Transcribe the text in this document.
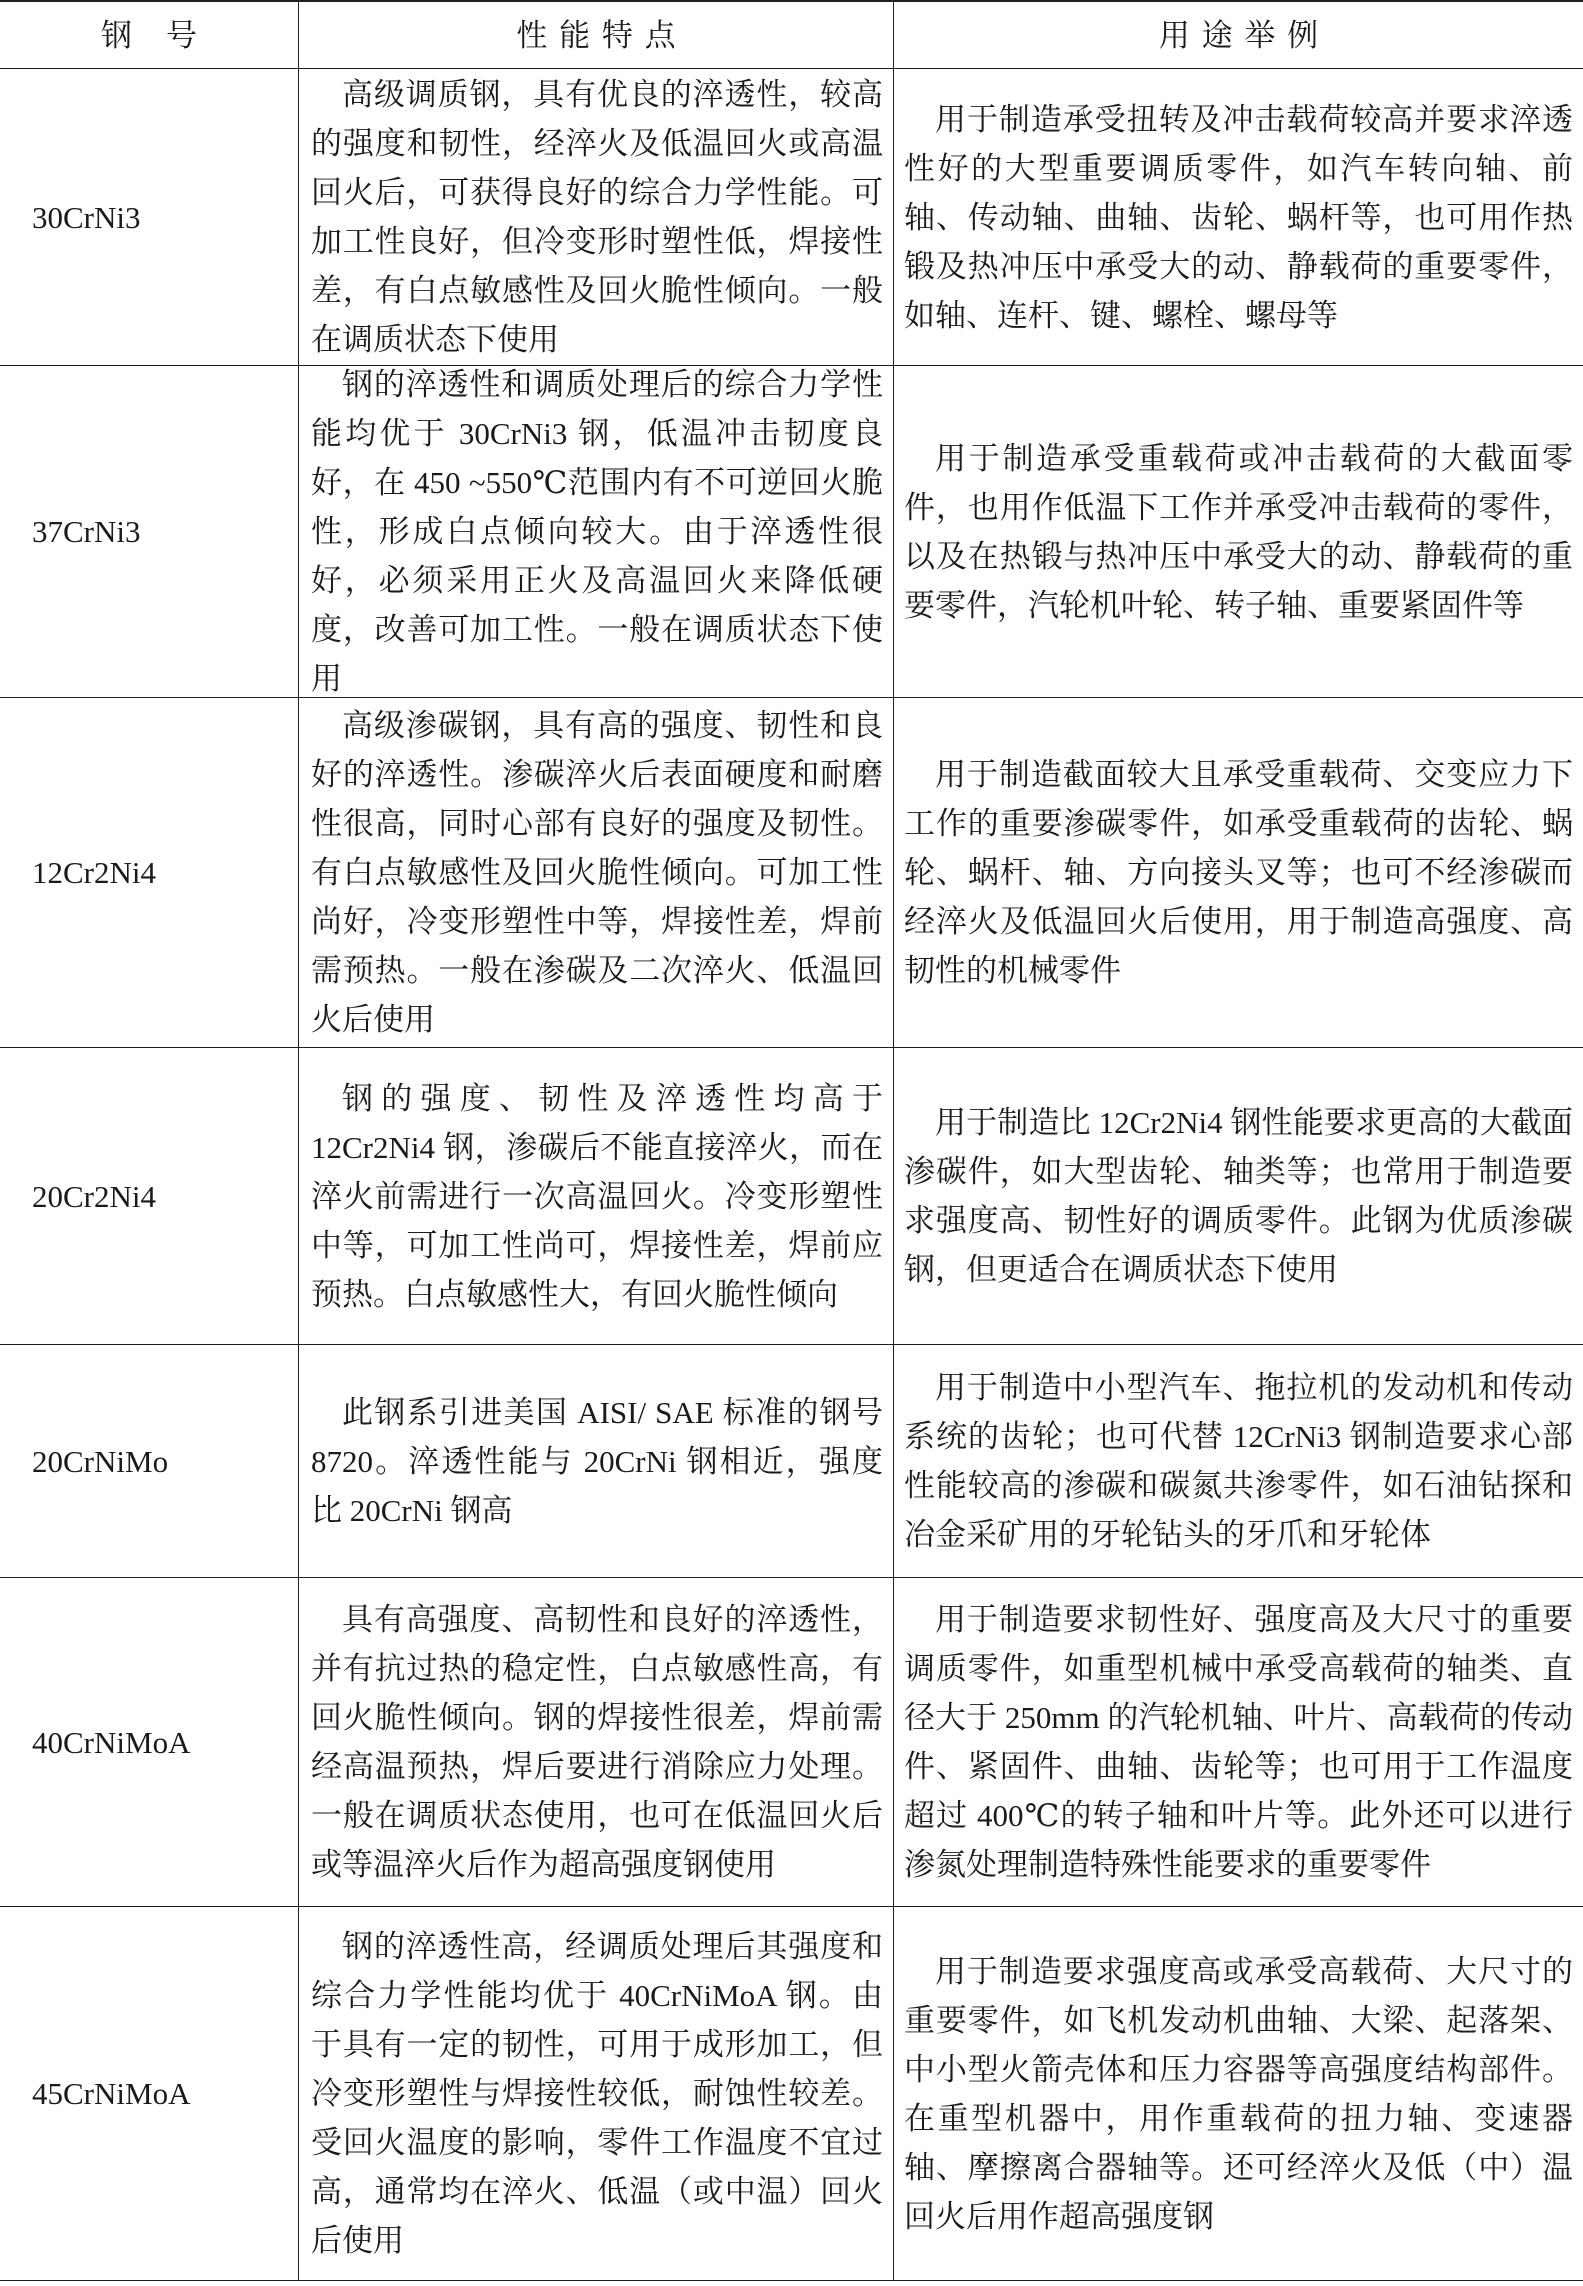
钢号	性能特点	用途举例
30CrNi3

高级调质钢，具有优良的淬透性，较高的强度和韧性，经淬火及低温回火或高温回火后，可获得良好的综合力学性能。可加工性良好，但冷变形时塑性低，焊接性差，有白点敏感性及回火脆性倾向。一般在调质状态下使用

用于制造承受扭转及冲击载荷较高并要求淬透性好的大型重要调质零件，如汽车转向轴、前轴、传动轴、曲轴、齿轮、蜗杆等，也可用作热锻及热冲压中承受大的动、静载荷的重要零件，如轴、连杆、键、螺栓、螺母等

37CrNi3

钢的淬透性和调质处理后的综合力学性能均优于 30CrNi3 钢，低温冲击韧度良好，在 450 ~550℃范围内有不可逆回火脆性，形成白点倾向较大。由于淬透性很好，必须采用正火及高温回火来降低硬度，改善可加工性。一般在调质状态下使用

用于制造承受重载荷或冲击载荷的大截面零件，也用作低温下工作并承受冲击载荷的零件，以及在热锻与热冲压中承受大的动、静载荷的重要零件，汽轮机叶轮、转子轴、重要紧固件等

12Cr2Ni4

高级渗碳钢，具有高的强度、韧性和良好的淬透性。渗碳淬火后表面硬度和耐磨性很高，同时心部有良好的强度及韧性。有白点敏感性及回火脆性倾向。可加工性尚好，冷变形塑性中等，焊接性差，焊前需预热。一般在渗碳及二次淬火、低温回火后使用

用于制造截面较大且承受重载荷、交变应力下工作的重要渗碳零件，如承受重载荷的齿轮、蜗轮、蜗杆、轴、方向接头叉等；也可不经渗碳而经淬火及低温回火后使用，用于制造高强度、高韧性的机械零件

20Cr2Ni4

钢的强度、韧性及淬透性均高于 12Cr2Ni4 钢，渗碳后不能直接淬火，而在淬火前需进行一次高温回火。冷变形塑性中等，可加工性尚可，焊接性差，焊前应预热。白点敏感性大，有回火脆性倾向

用于制造比 12Cr2Ni4 钢性能要求更高的大截面渗碳件，如大型齿轮、轴类等；也常用于制造要求强度高、韧性好的调质零件。此钢为优质渗碳钢，但更适合在调质状态下使用

20CrNiMo

此钢系引进美国 AISI/ SAE 标准的钢号 8720。淬透性能与 20CrNi 钢相近，强度比 20CrNi 钢高

用于制造中小型汽车、拖拉机的发动机和传动系统的齿轮；也可代替 12CrNi3 钢制造要求心部性能较高的渗碳和碳氮共渗零件，如石油钻探和冶金采矿用的牙轮钻头的牙爪和牙轮体

40CrNiMoA

具有高强度、高韧性和良好的淬透性，并有抗过热的稳定性，白点敏感性高，有回火脆性倾向。钢的焊接性很差，焊前需经高温预热，焊后要进行消除应力处理。一般在调质状态使用，也可在低温回火后或等温淬火后作为超高强度钢使用

用于制造要求韧性好、强度高及大尺寸的重要调质零件，如重型机械中承受高载荷的轴类、直径大于 250mm 的汽轮机轴、叶片、高载荷的传动件、紧固件、曲轴、齿轮等；也可用于工作温度超过 400℃的转子轴和叶片等。此外还可以进行渗氮处理制造特殊性能要求的重要零件

45CrNiMoA

钢的淬透性高，经调质处理后其强度和综合力学性能均优于 40CrNiMoA 钢。由于具有一定的韧性，可用于成形加工，但冷变形塑性与焊接性较低，耐蚀性较差。受回火温度的影响，零件工作温度不宜过高，通常均在淬火、低温（或中温）回火后使用

用于制造要求强度高或承受高载荷、大尺寸的重要零件，如飞机发动机曲轴、大梁、起落架、中小型火箭壳体和压力容器等高强度结构部件。在重型机器中，用作重载荷的扭力轴、变速器轴、摩擦离合器轴等。还可经淬火及低（中）温回火后用作超高强度钢
